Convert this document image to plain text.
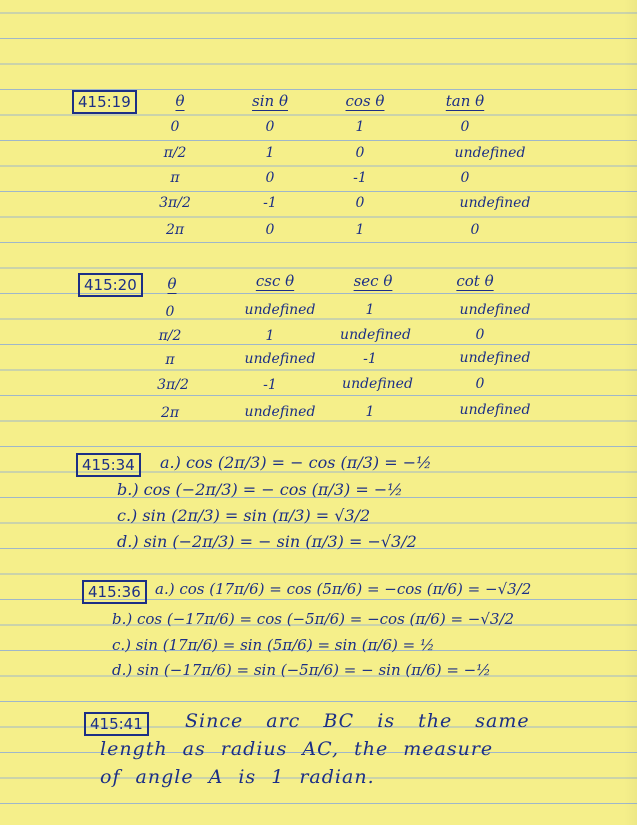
415:19	θ	sin θ	cos θ	tan θ
0	0	1	0
π/2	1	0	undefined
π	0	-1	0
3π/2	-1	0	undefined
2π	0	1	0
415:20	θ	csc θ	sec θ	cot θ
0	undefined	1	undefined
π/2	1	undefined	0
π	undefined	-1	undefined
3π/2	-1	undefined	0
2π	undefined	1	undefined
415:34	a.) cos (2π/3) = − cos (π/3) = −½
b.) cos (−2π/3) = − cos (π/3) = −½
c.) sin (2π/3) = sin (π/3) = √3/2
d.) sin (−2π/3) = − sin (π/3) = −√3/2
415:36 a.) cos (17π/6) = cos (5π/6) = −cos (π/6) = −√3/2
b.) cos (−17π/6) = cos (−5π/6) = −cos (π/6) = −√3/2
c.) sin (17π/6) = sin (5π/6) = sin (π/6) = ½
d.) sin (−17π/6) = sin (−5π/6) = − sin (π/6) = −½
415:41	Since arc BC is the same
length as radius AC, the measure
of angle A is 1 radian.
